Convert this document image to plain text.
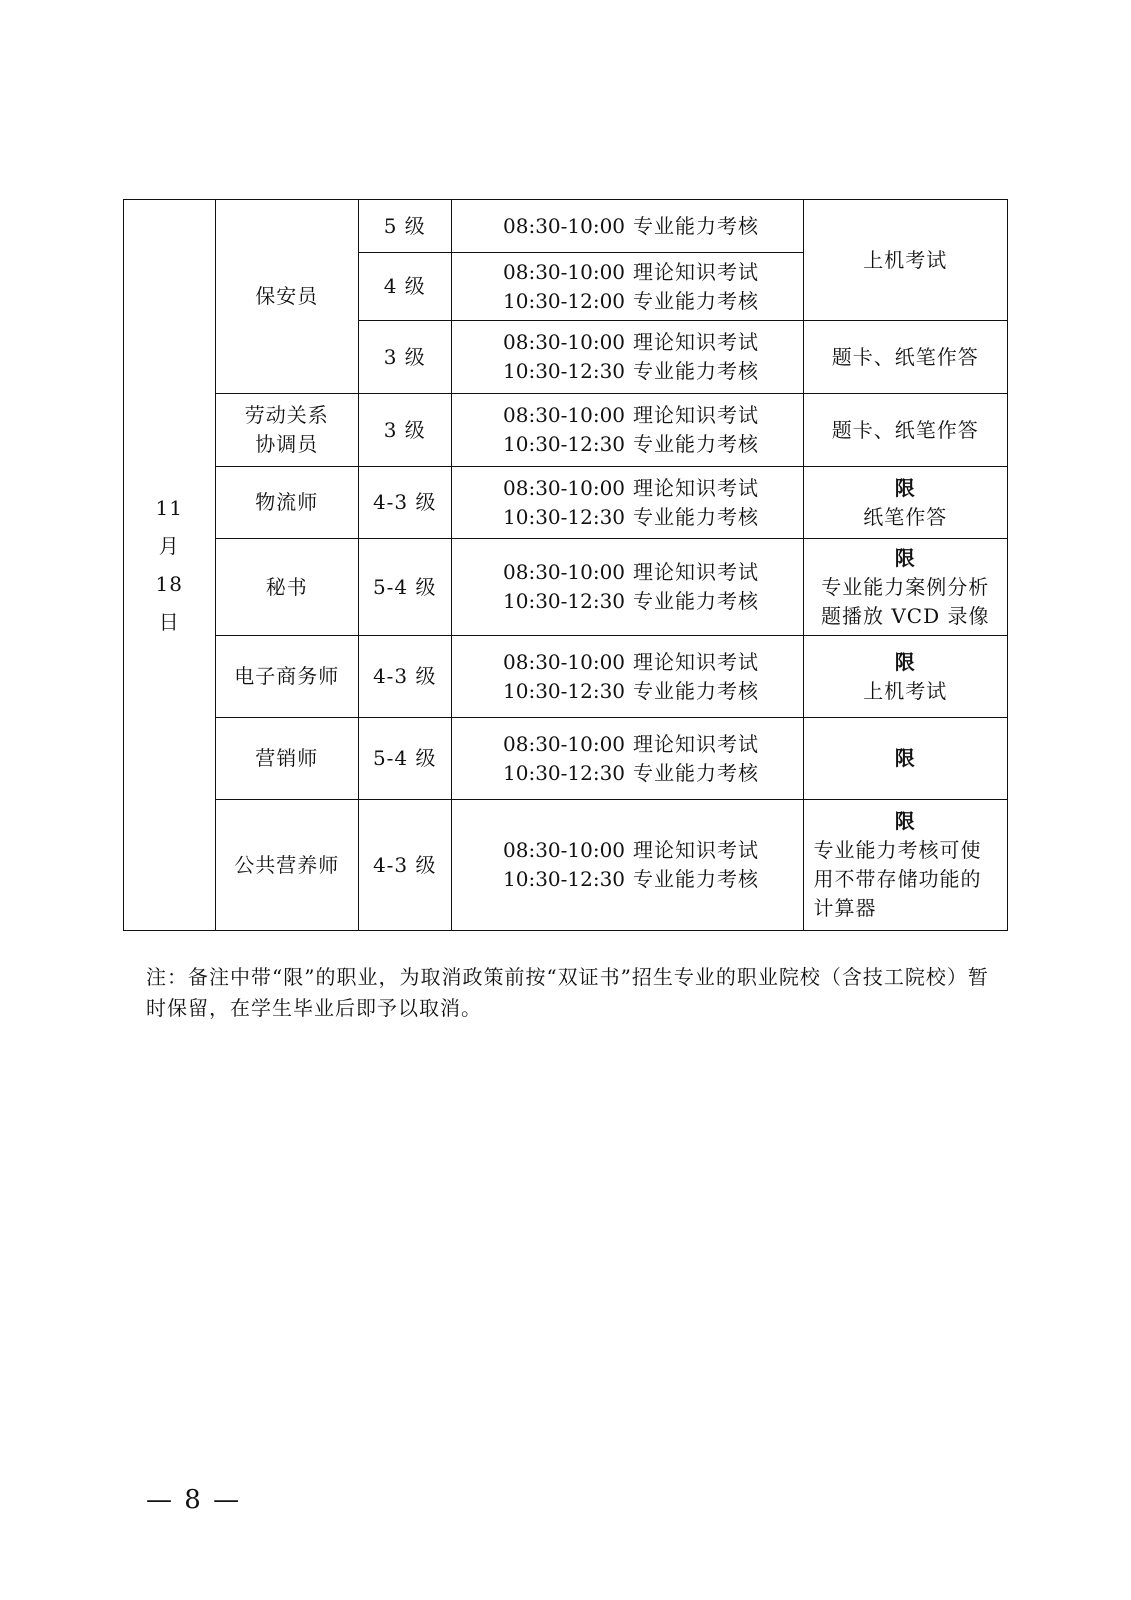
11
月
18
日	保安员	5 级	08:30-10:00 专业能力考核	上机考试

		4 级	08:30-10:00 理论知识考试
10:30-12:00 专业能力考核	

		3 级	08:30-10:00 理论知识考试
10:30-12:30 专业能力考核	题卡、纸笔作答

	劳动关系
协调员	3 级	08:30-10:00 理论知识考试
10:30-12:30 专业能力考核	题卡、纸笔作答

	物流师	4-3 级	08:30-10:00 理论知识考试
10:30-12:30 专业能力考核	限
纸笔作答

	秘书	5-4 级	08:30-10:00 理论知识考试
10:30-12:30 专业能力考核	限
专业能力案例分析
题播放 VCD 录像

	电子商务师	4-3 级	08:30-10:00 理论知识考试
10:30-12:30 专业能力考核	限
上机考试

	营销师	5-4 级	08:30-10:00 理论知识考试
10:30-12:30 专业能力考核	限

	公共营养师	4-3 级	08:30-10:00 理论知识考试
10:30-12:30 专业能力考核	限
专业能力考核可使
用不带存储功能的
计算器
注：备注中带“限”的职业，为取消政策前按“双证书”招生专业的职业院校（含技工院校）暂时保留，在学生毕业后即予以取消。
— 8 —
